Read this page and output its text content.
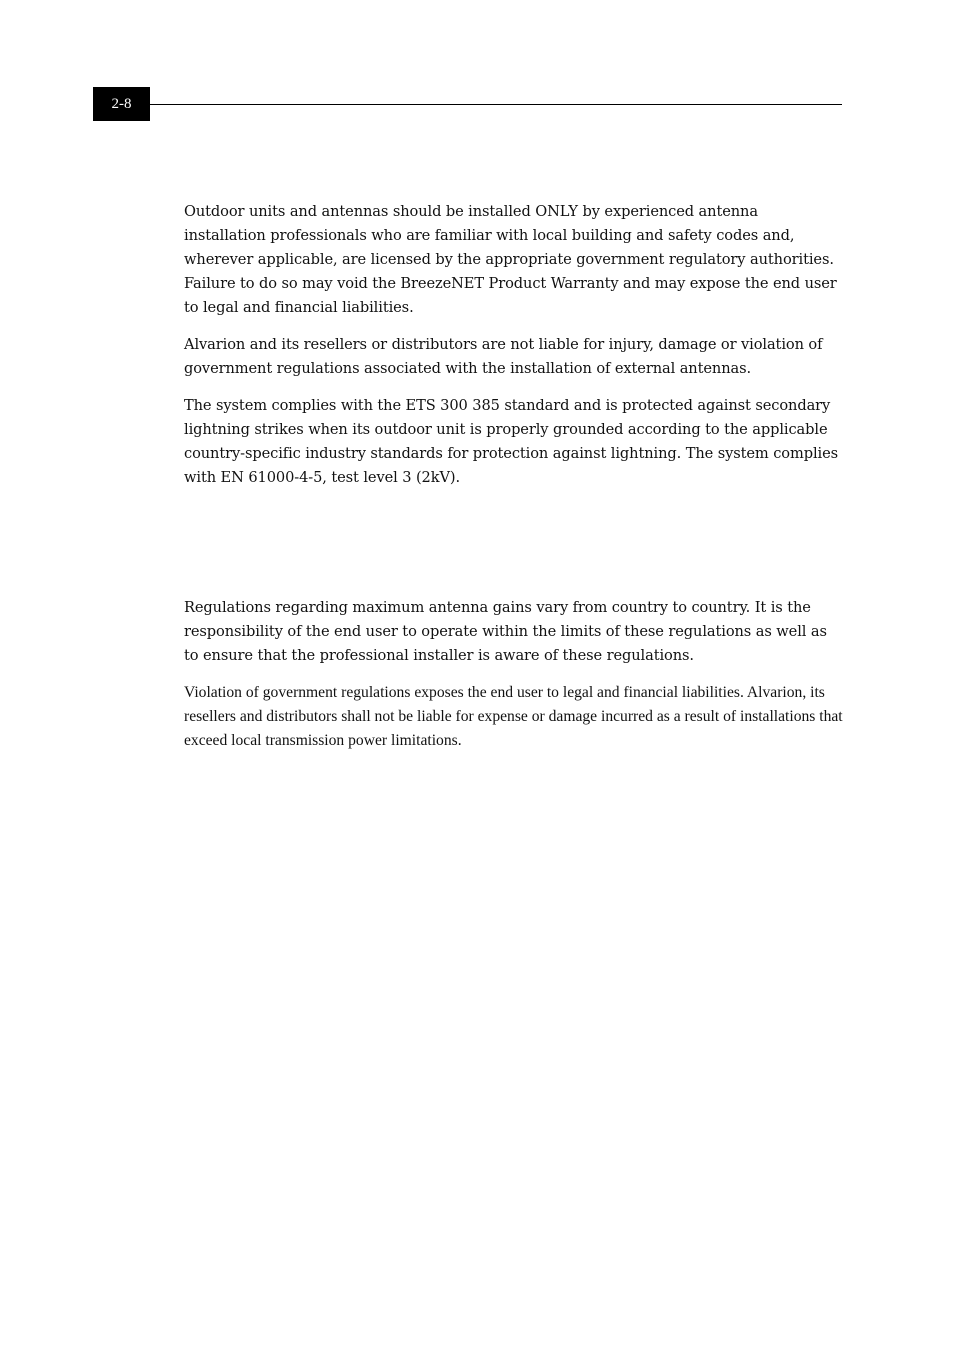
2-8

Outdoor units and antennas should be installed ONLY by experienced antenna installation professionals who are familiar with local building and safety codes and, wherever applicable, are licensed by the appropriate government regulatory authorities. Failure to do so may void the BreezeNET Product Warranty and may expose the end user to legal and financial liabilities.

Alvarion and its resellers or distributors are not liable for injury, damage or violation of government regulations associated with the installation of external antennas.

The system complies with the ETS 300 385 standard and is protected against secondary lightning strikes when its outdoor unit is properly grounded according to the applicable country-specific industry standards for protection against lightning. The system complies with EN 61000-4-5, test level 3 (2kV).

Regulations regarding maximum antenna gains vary from country to country. It is the responsibility of the end user to operate within the limits of these regulations as well as to ensure that the professional installer is aware of these regulations.

Violation of government regulations exposes the end user to legal and financial liabilities. Alvarion, its resellers and distributors shall not be liable for expense or damage incurred as a result of installations that exceed local transmission power limitations.
